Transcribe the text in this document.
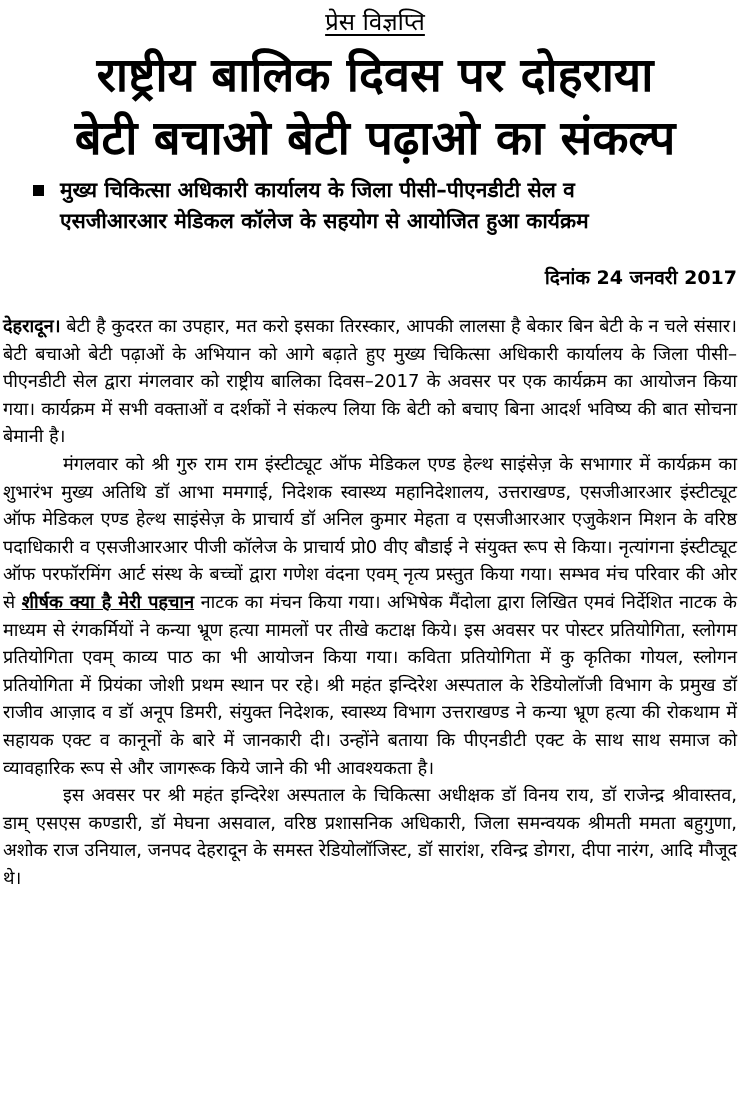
प्रेस विज्ञप्ति
राष्ट्रीय बालिक दिवस पर दोहराया
बेटी बचाओ बेटी पढ़ाओ का संकल्प
मुख्य चिकित्सा अधिकारी कार्यालय के जिला पीसी–पीएनडीटी सेल व
एसजीआरआर मेडिकल कॉलेज के सहयोग से आयोजित हुआ कार्यक्रम
दिनांक 24 जनवरी 2017

देहरादून। बेटी है कुदरत का उपहार, मत करो इसका तिरस्कार, आपकी लालसा है बेकार बिन बेटी के न चले संसार। बेटी बचाओ बेटी पढ़ाओं के अभियान को आगे बढ़ाते हुए मुख्य चिकित्सा अधिकारी कार्यालय के जिला पीसी–पीएनडीटी सेल द्वारा मंगलवार को राष्ट्रीय बालिका दिवस–2017 के अवसर पर एक कार्यक्रम का आयोजन किया गया। कार्यक्रम में सभी वक्ताओं व दर्शकों ने संकल्प लिया कि बेटी को बचाए बिना आदर्श भविष्य की बात सोचना बेमानी है।

मंगलवार को श्री गुरु राम राम इंस्टीट्यूट ऑफ मेडिकल एण्ड हेल्थ साइंसेज़ के सभागार में कार्यक्रम का शुभारंभ मुख्य अतिथि डॉ आभा ममगाई, निदेशक स्वास्थ्य महानिदेशालय, उत्तराखण्ड, एसजीआरआर इंस्टीट्यूट ऑफ मेडिकल एण्ड हेल्थ साइंसेज़ के प्राचार्य डॉ अनिल कुमार मेहता व एसजीआरआर एजुकेशन मिशन के वरिष्ठ पदाधिकारी व एसजीआरआर पीजी कॉलेज के प्राचार्य प्रो0 वीए बौडाई ने संयुक्त रूप से किया। नृत्यांगना इंस्टीट्यूट ऑफ परफॉरमिंग आर्ट संस्थ के बच्चों द्वारा गणेश वंदना एवम् नृत्य प्रस्तुत किया गया। सम्भव मंच परिवार की ओर से शीर्षक क्या है मेरी पहचान नाटक का मंचन किया गया। अभिषेक मैंदोला द्वारा लिखित एमवं निर्देशित नाटक के माध्यम से रंगकर्मियों ने कन्या भ्रूण हत्या मामलों पर तीखे कटाक्ष किये। इस अवसर पर पोस्टर प्रतियोगिता, स्लोगम प्रतियोगिता एवम् काव्य पाठ का भी आयोजन किया गया। कविता प्रतियोगिता में कु कृतिका गोयल, स्लोगन प्रतियोगिता में प्रियंका जोशी प्रथम स्थान पर रहे। श्री महंत इन्दिरेश अस्पताल के रेडियोलॉजी विभाग के प्रमुख डॉ राजीव आज़ाद व डॉ अनूप डिमरी, संयुक्त निदेशक, स्वास्थ्य विभाग उत्तराखण्ड ने कन्या भ्रूण हत्या की रोकथाम में सहायक एक्ट व कानूनों के बारे में जानकारी दी। उन्होंने बताया कि पीएनडीटी एक्ट के साथ साथ समाज को व्यावहारिक रूप से और जागरूक किये जाने की भी आवश्यकता है।

इस अवसर पर श्री महंत इन्दिरेश अस्पताल के चिकित्सा अधीक्षक डॉ विनय राय, डॉ राजेन्द्र श्रीवास्तव, डाम् एसएस कण्डारी, डॉ मेघना असवाल, वरिष्ठ प्रशासनिक अधिकारी, जिला समन्वयक श्रीमती ममता बहुगुणा, अशोक राज उनियाल, जनपद देहरादून के समस्त रेडियोलॉजिस्ट, डॉ सारांश, रविन्द्र डोगरा, दीपा नारंग, आदि मौजूद थे।
